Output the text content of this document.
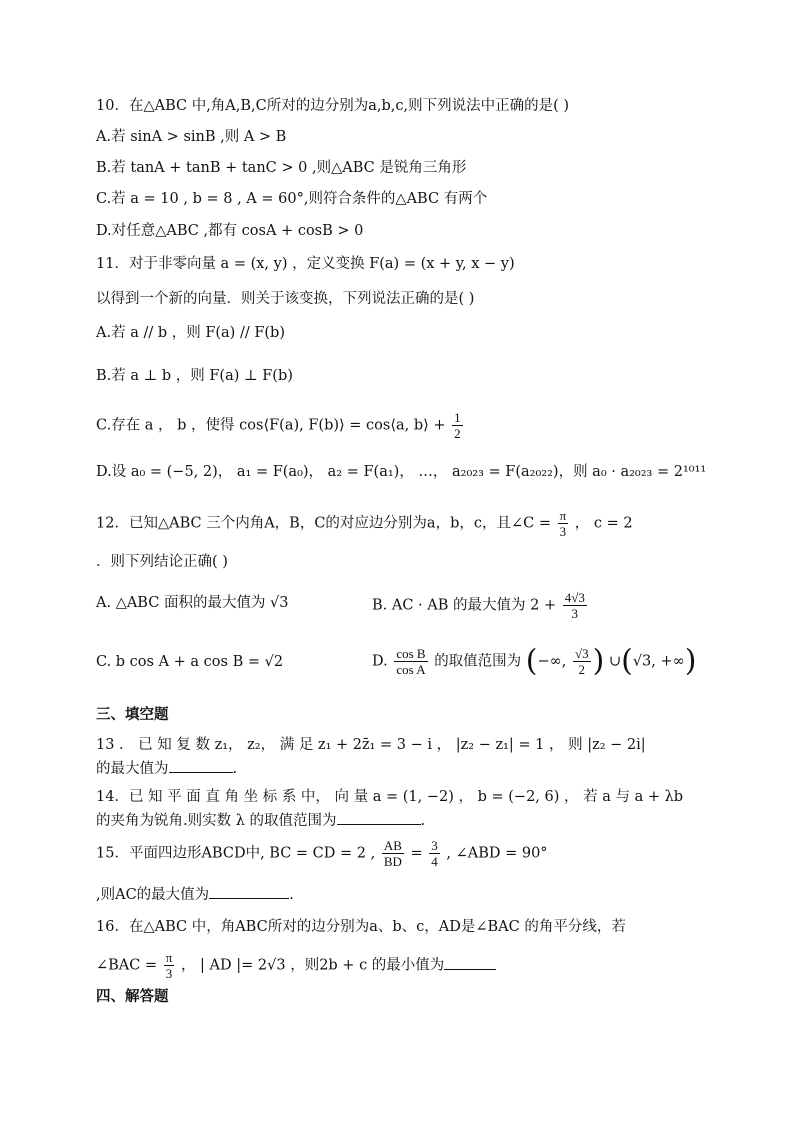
10．在△ABC 中,角A,B,C所对的边分别为a,b,c,则下列说法中正确的是( )
A.若 sinA > sinB ,则 A > B
B.若 tanA + tanB + tanC > 0 ,则△ABC 是锐角三角形
C.若 a = 10 , b = 8 , A = 60°,则符合条件的△ABC 有两个
D.对任意△ABC ,都有 cosA + cosB > 0
11．对于非零向量 a = (x, y) ，定义变换 F(a) = (x + y, x − y)
以得到一个新的向量．则关于该变换，下列说法正确的是( )
A.若 a // b ，则 F(a) // F(b)
B.若 a ⊥ b ，则 F(a) ⊥ F(b)
C.存在 a ， b ，使得 cos⟨F(a), F(b)⟩ = cos⟨a, b⟩ + $\frac{1}{2}$
D.设 a₀ = (−5, 2)， a₁ = F(a₀)， a₂ = F(a₁)， …， a₂₀₂₃ = F(a₂₀₂₂)，则 a₀ · a₂₀₂₃ = 2¹⁰¹¹
12．已知△ABC 三个内角A，B，C的对应边分别为a，b，c，且∠C = $\frac{\pi}{3}$ ， c = 2
．则下列结论正确( )
A. △ABC 面积的最大值为 √3	B. AC · AB 的最大值为 $2 + \frac{4√3}{3}$
C. b cos A + a cos B = √2	D. $\frac{\text{cos B}}{\text{cos A}}$ 的取值范围为 (−∞, $\frac{√3}{2}$ ) ∪(√3, +∞)
三、填空题
13 ． 已 知 复 数 z₁， z₂， 满 足 z₁ + 2z̄₁ = 3 − i ， |z₂ − z₁| = 1 ， 则 |z₂ − 2i|
的最大值为	.
14．已 知 平 面 直 角 坐 标 系 中， 向 量 a = (1, −2) ， b = (−2, 6) ， 若 a 与 a + λb
的夹角为锐角.则实数 λ 的取值范围为	.
15．平面四边形ABCD中, BC = CD = 2 , $\frac{AB}{BD} = \frac{3}{4}$ , ∠ABD = 90°
,则AC的最大值为	.
16．在△ABC 中，角ABC所对的边分别为a、b、c，AD是∠BAC 的角平分线，若
∠BAC = $\frac{\pi}{3}$ ， | AD |= 2√3 ，则2b + c 的最小值为
四、解答题
